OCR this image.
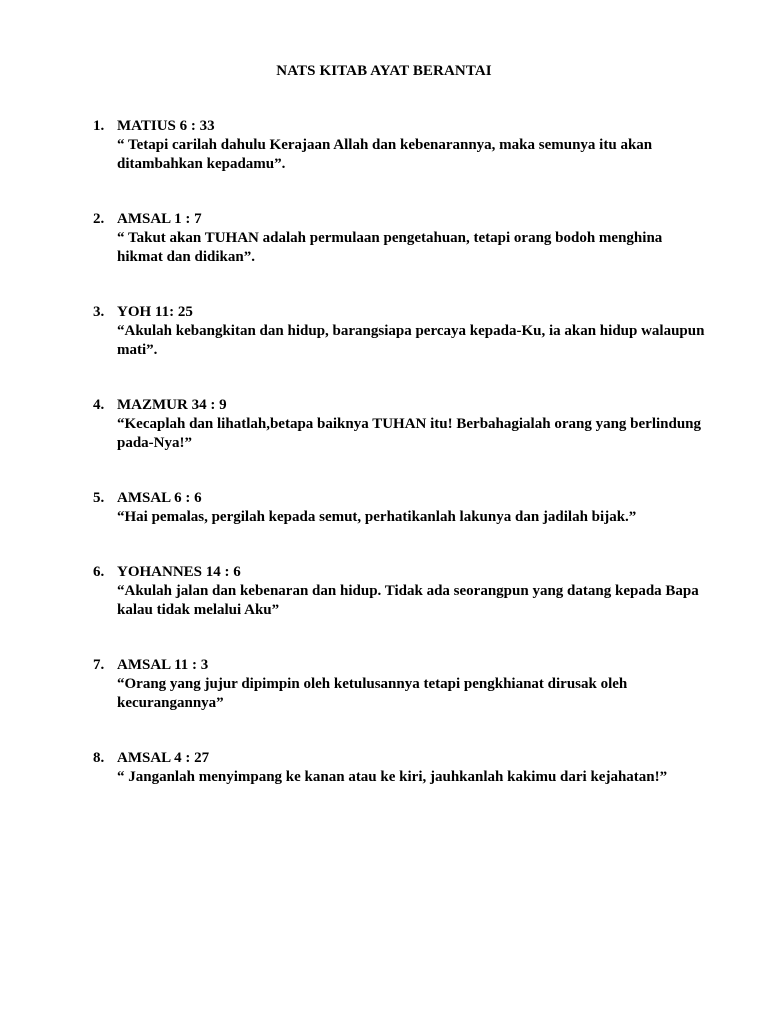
NATS KITAB AYAT BERANTAI
1. MATIUS 6 : 33
“ Tetapi carilah dahulu Kerajaan Allah dan kebenarannya, maka semunya itu akan ditambahkan kepadamu”.
2. AMSAL 1 : 7
“ Takut akan TUHAN adalah permulaan pengetahuan, tetapi orang bodoh menghina hikmat dan didikan”.
3. YOH 11: 25
“Akulah kebangkitan dan hidup, barangsiapa percaya kepada-Ku, ia akan hidup walaupun mati”.
4. MAZMUR 34 : 9
“Kecaplah dan lihatlah,betapa baiknya TUHAN itu! Berbahagialah orang yang berlindung pada-Nya!”
5. AMSAL 6 : 6
“Hai pemalas, pergilah kepada semut, perhatikanlah lakunya dan jadilah bijak.”
6. YOHANNES 14 : 6
“Akulah jalan dan kebenaran dan hidup. Tidak ada seorangpun yang datang kepada Bapa kalau tidak melalui Aku”
7. AMSAL 11 : 3
“Orang yang jujur dipimpin oleh ketulusannya tetapi pengkhianat dirusak oleh kecurangannya”
8. AMSAL 4 : 27
“ Janganlah menyimpang ke kanan atau ke kiri, jauhkanlah kakimu dari kejahatan!”
